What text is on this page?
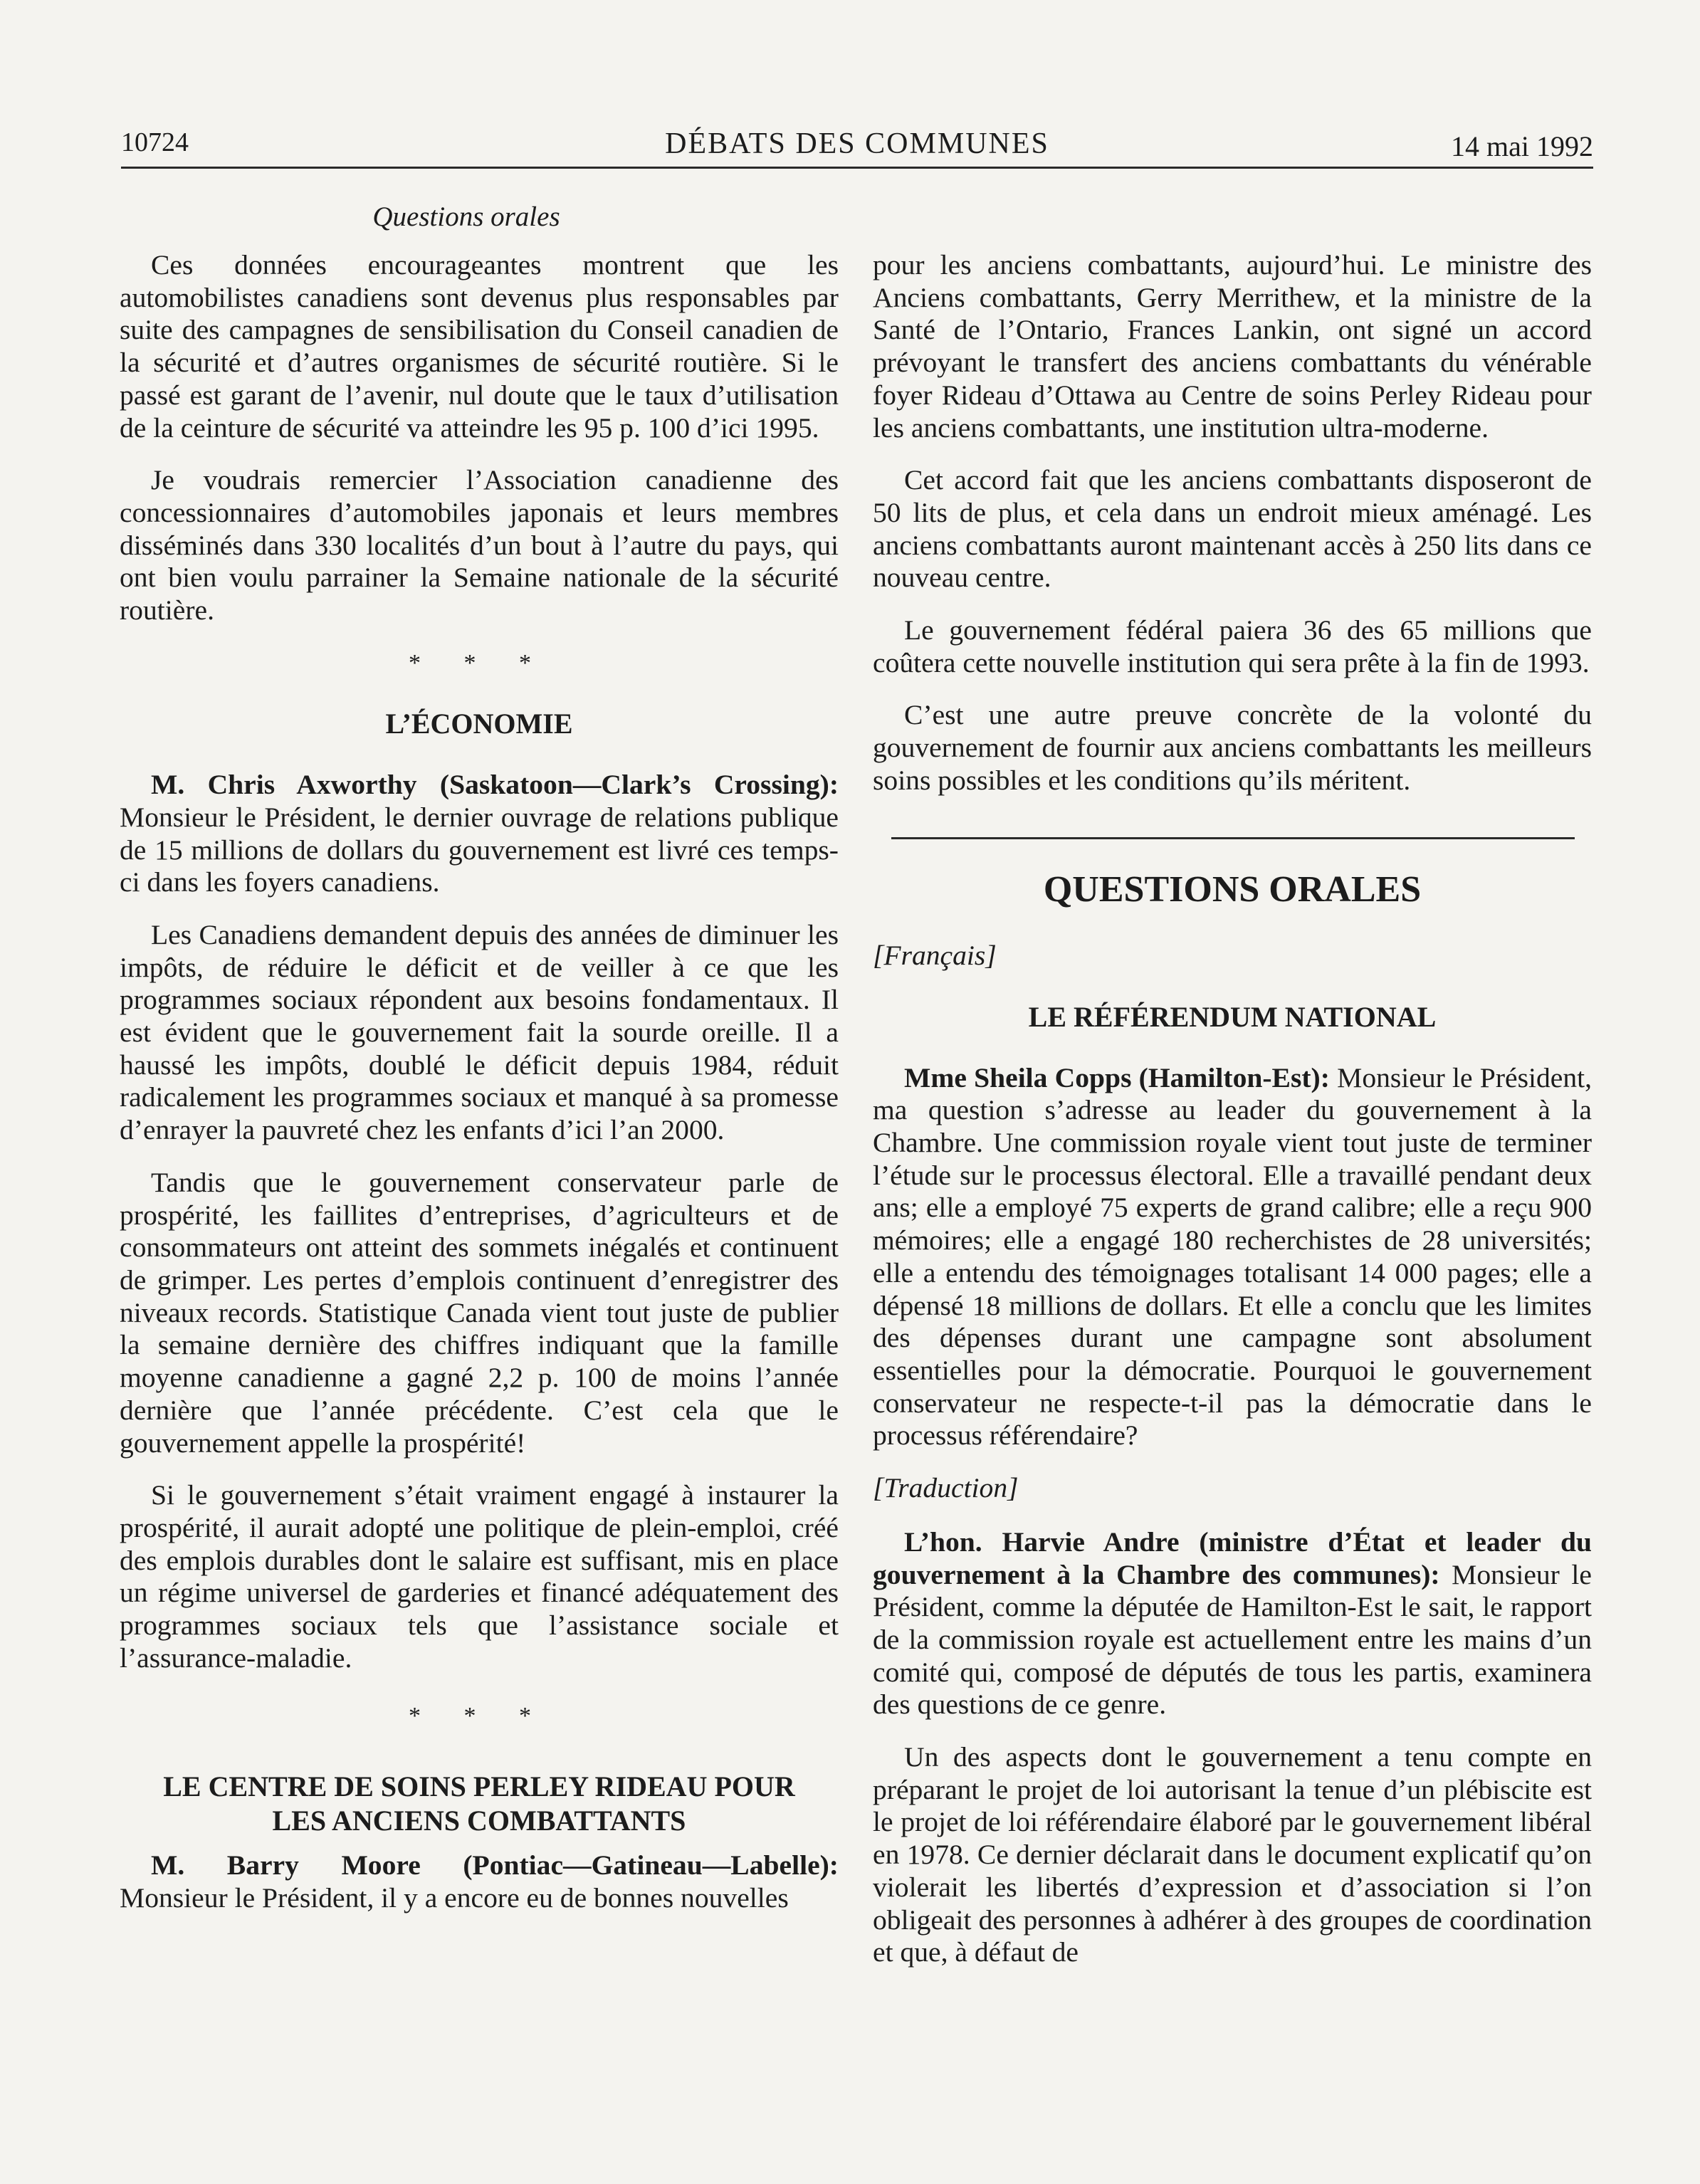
10724	DÉBATS DES COMMUNES	14 mai 1992
Questions orales

Ces données encourageantes montrent que les automobilistes canadiens sont devenus plus responsables par suite des campagnes de sensibilisation du Conseil canadien de la sécurité et d’autres organismes de sécurité routière. Si le passé est garant de l’avenir, nul doute que le taux d’utilisation de la ceinture de sécurité va atteindre les 95 p. 100 d’ici 1995.

Je voudrais remercier l’Association canadienne des concessionnaires d’automobiles japonais et leurs membres disséminés dans 330 localités d’un bout à l’autre du pays, qui ont bien voulu parrainer la Semaine nationale de la sécurité routière.

* * *
L’ÉCONOMIE

M. Chris Axworthy (Saskatoon—Clark’s Crossing): Monsieur le Président, le dernier ouvrage de relations publique de 15 millions de dollars du gouvernement est livré ces temps-ci dans les foyers canadiens.

Les Canadiens demandent depuis des années de diminuer les impôts, de réduire le déficit et de veiller à ce que les programmes sociaux répondent aux besoins fondamentaux. Il est évident que le gouvernement fait la sourde oreille. Il a haussé les impôts, doublé le déficit depuis 1984, réduit radicalement les programmes sociaux et manqué à sa promesse d’enrayer la pauvreté chez les enfants d’ici l’an 2000.

Tandis que le gouvernement conservateur parle de prospérité, les faillites d’entreprises, d’agriculteurs et de consommateurs ont atteint des sommets inégalés et continuent de grimper. Les pertes d’emplois continuent d’enregistrer des niveaux records. Statistique Canada vient tout juste de publier la semaine dernière des chiffres indiquant que la famille moyenne canadienne a gagné 2,2 p. 100 de moins l’année dernière que l’année précédente. C’est cela que le gouvernement appelle la prospérité!

Si le gouvernement s’était vraiment engagé à instaurer la prospérité, il aurait adopté une politique de plein-emploi, créé des emplois durables dont le salaire est suffisant, mis en place un régime universel de garderies et financé adéquatement des programmes sociaux tels que l’assistance sociale et l’assurance-maladie.

* * *
LE CENTRE DE SOINS PERLEY RIDEAU POUR
LES ANCIENS COMBATTANTS

M. Barry Moore (Pontiac—Gatineau—Labelle): Monsieur le Président, il y a encore eu de bonnes nouvelles

pour les anciens combattants, aujourd’hui. Le ministre des Anciens combattants, Gerry Merrithew, et la ministre de la Santé de l’Ontario, Frances Lankin, ont signé un accord prévoyant le transfert des anciens combattants du vénérable foyer Rideau d’Ottawa au Centre de soins Perley Rideau pour les anciens combattants, une institution ultra-moderne.

Cet accord fait que les anciens combattants disposeront de 50 lits de plus, et cela dans un endroit mieux aménagé. Les anciens combattants auront maintenant accès à 250 lits dans ce nouveau centre.

Le gouvernement fédéral paiera 36 des 65 millions que coûtera cette nouvelle institution qui sera prête à la fin de 1993.

C’est une autre preuve concrète de la volonté du gouvernement de fournir aux anciens combattants les meilleurs soins possibles et les conditions qu’ils méritent.

QUESTIONS ORALES
[Français]
LE RÉFÉRENDUM NATIONAL

Mme Sheila Copps (Hamilton-Est): Monsieur le Président, ma question s’adresse au leader du gouvernement à la Chambre. Une commission royale vient tout juste de terminer l’étude sur le processus électoral. Elle a travaillé pendant deux ans; elle a employé 75 experts de grand calibre; elle a reçu 900 mémoires; elle a engagé 180 recherchistes de 28 universités; elle a entendu des témoignages totalisant 14 000 pages; elle a dépensé 18 millions de dollars. Et elle a conclu que les limites des dépenses durant une campagne sont absolument essentielles pour la démocratie. Pourquoi le gouvernement conservateur ne respecte-t-il pas la démocratie dans le processus référendaire?

[Traduction]

L’hon. Harvie Andre (ministre d’État et leader du gouvernement à la Chambre des communes): Monsieur le Président, comme la députée de Hamilton-Est le sait, le rapport de la commission royale est actuellement entre les mains d’un comité qui, composé de députés de tous les partis, examinera des questions de ce genre.

Un des aspects dont le gouvernement a tenu compte en préparant le projet de loi autorisant la tenue d’un plébiscite est le projet de loi référendaire élaboré par le gouvernement libéral en 1978. Ce dernier déclarait dans le document explicatif qu’on violerait les libertés d’expression et d’association si l’on obligeait des personnes à adhérer à des groupes de coordination et que, à défaut de
